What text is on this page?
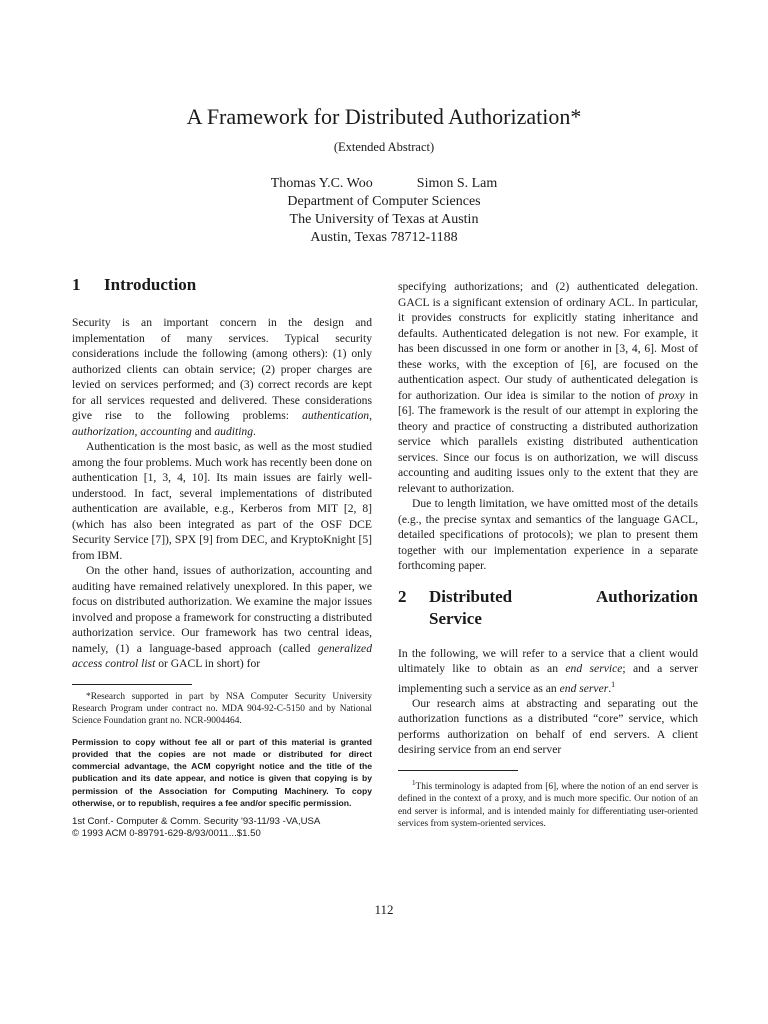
A Framework for Distributed Authorization*
(Extended Abstract)
Thomas Y.C. Woo	Simon S. Lam
Department of Computer Sciences
The University of Texas at Austin
Austin, Texas 78712-1188
1 Introduction

Security is an important concern in the design and implementation of many services. Typical security considerations include the following (among others): (1) only authorized clients can obtain service; (2) proper charges are levied on services performed; and (3) correct records are kept for all services requested and delivered. These considerations give rise to the following problems: authentication, authorization, accounting and auditing.

Authentication is the most basic, as well as the most studied among the four problems. Much work has recently been done on authentication [1, 3, 4, 10]. Its main issues are fairly well-understood. In fact, several implementations of distributed authentication are available, e.g., Kerberos from MIT [2, 8] (which has also been integrated as part of the OSF DCE Security Service [7]), SPX [9] from DEC, and KryptoKnight [5] from IBM.

On the other hand, issues of authorization, accounting and auditing have remained relatively unexplored. In this paper, we focus on distributed authorization. We examine the major issues involved and propose a framework for constructing a distributed authorization service. Our framework has two central ideas, namely, (1) a language-based approach (called generalized access control list or GACL in short) for

*Research supported in part by NSA Computer Security University Research Program under contract no. MDA 904-92-C-5150 and by National Science Foundation grant no. NCR-9004464.

Permission to copy without fee all or part of this material is granted provided that the copies are not made or distributed for direct commercial advantage, the ACM copyright notice and the title of the publication and its date appear, and notice is given that copying is by permission of the Association for Computing Machinery. To copy otherwise, or to republish, requires a fee and/or specific permission.
1st Conf.- Computer & Comm. Security '93-11/93 -VA,USA
© 1993 ACM 0-89791-629-8/93/0011...$1.50

specifying authorizations; and (2) authenticated delegation. GACL is a significant extension of ordinary ACL. In particular, it provides constructs for explicitly stating inheritance and defaults. Authenticated delegation is not new. For example, it has been discussed in one form or another in [3, 4, 6]. Most of these works, with the exception of [6], are focused on the authentication aspect. Our study of authenticated delegation is for authorization. Our idea is similar to the notion of proxy in [6]. The framework is the result of our attempt in exploring the theory and practice of constructing a distributed authorization service which parallels existing distributed authentication services. Since our focus is on authorization, we will discuss accounting and auditing issues only to the extent that they are relevant to authorization.

Due to length limitation, we have omitted most of the details (e.g., the precise syntax and semantics of the language GACL, detailed specifications of protocols); we plan to present them together with our implementation experience in a separate forthcoming paper.

2 Distributed	Authorization
Service

In the following, we will refer to a service that a client would ultimately like to obtain as an end service; and a server implementing such a service as an end server.$^1$

Our research aims at abstracting and separating out the authorization functions as a distributed “core” service, which performs authorization on behalf of end servers. A client desiring service from an end server

$^1$This terminology is adapted from [6], where the notion of an end server is defined in the context of a proxy, and is much more specific. Our notion of an end server is informal, and is intended mainly for differentiating user-oriented services from system-oriented services.

112
